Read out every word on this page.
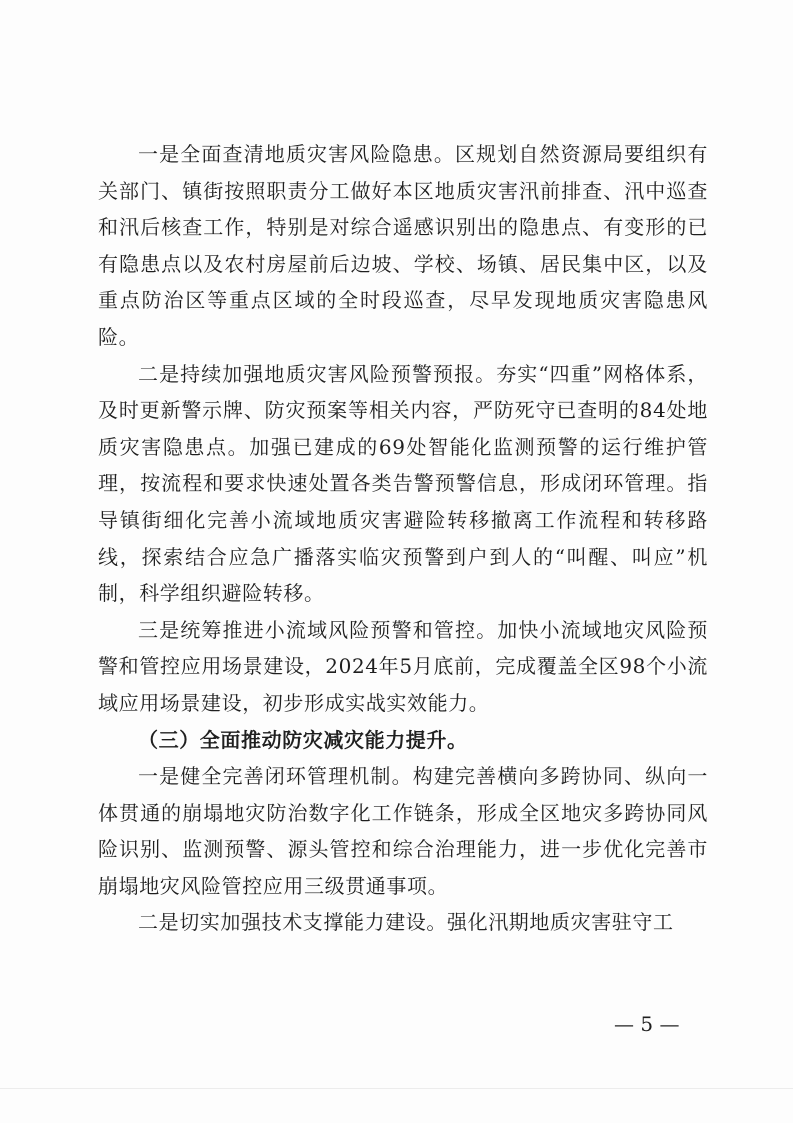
一是全面查清地质灾害风险隐患。区规划自然资源局要组织有关部门、镇街按照职责分工做好本区地质灾害汛前排查、汛中巡查和汛后核查工作，特别是对综合遥感识别出的隐患点、有变形的已有隐患点以及农村房屋前后边坡、学校、场镇、居民集中区，以及重点防治区等重点区域的全时段巡查，尽早发现地质灾害隐患风险。

二是持续加强地质灾害风险预警预报。夯实“四重”网格体系，及时更新警示牌、防灾预案等相关内容，严防死守已查明的84处地质灾害隐患点。加强已建成的69处智能化监测预警的运行维护管理，按流程和要求快速处置各类告警预警信息，形成闭环管理。指导镇街细化完善小流域地质灾害避险转移撤离工作流程和转移路线，探索结合应急广播落实临灾预警到户到人的“叫醒、叫应”机制，科学组织避险转移。

三是统筹推进小流域风险预警和管控。加快小流域地灾风险预警和管控应用场景建设，2024年5月底前，完成覆盖全区98个小流域应用场景建设，初步形成实战实效能力。

（三）全面推动防灾减灾能力提升。

一是健全完善闭环管理机制。构建完善横向多跨协同、纵向一体贯通的崩塌地灾防治数字化工作链条，形成全区地灾多跨协同风险识别、监测预警、源头管控和综合治理能力，进一步优化完善市崩塌地灾风险管控应用三级贯通事项。

二是切实加强技术支撑能力建设。强化汛期地质灾害驻守工

— 5 —
